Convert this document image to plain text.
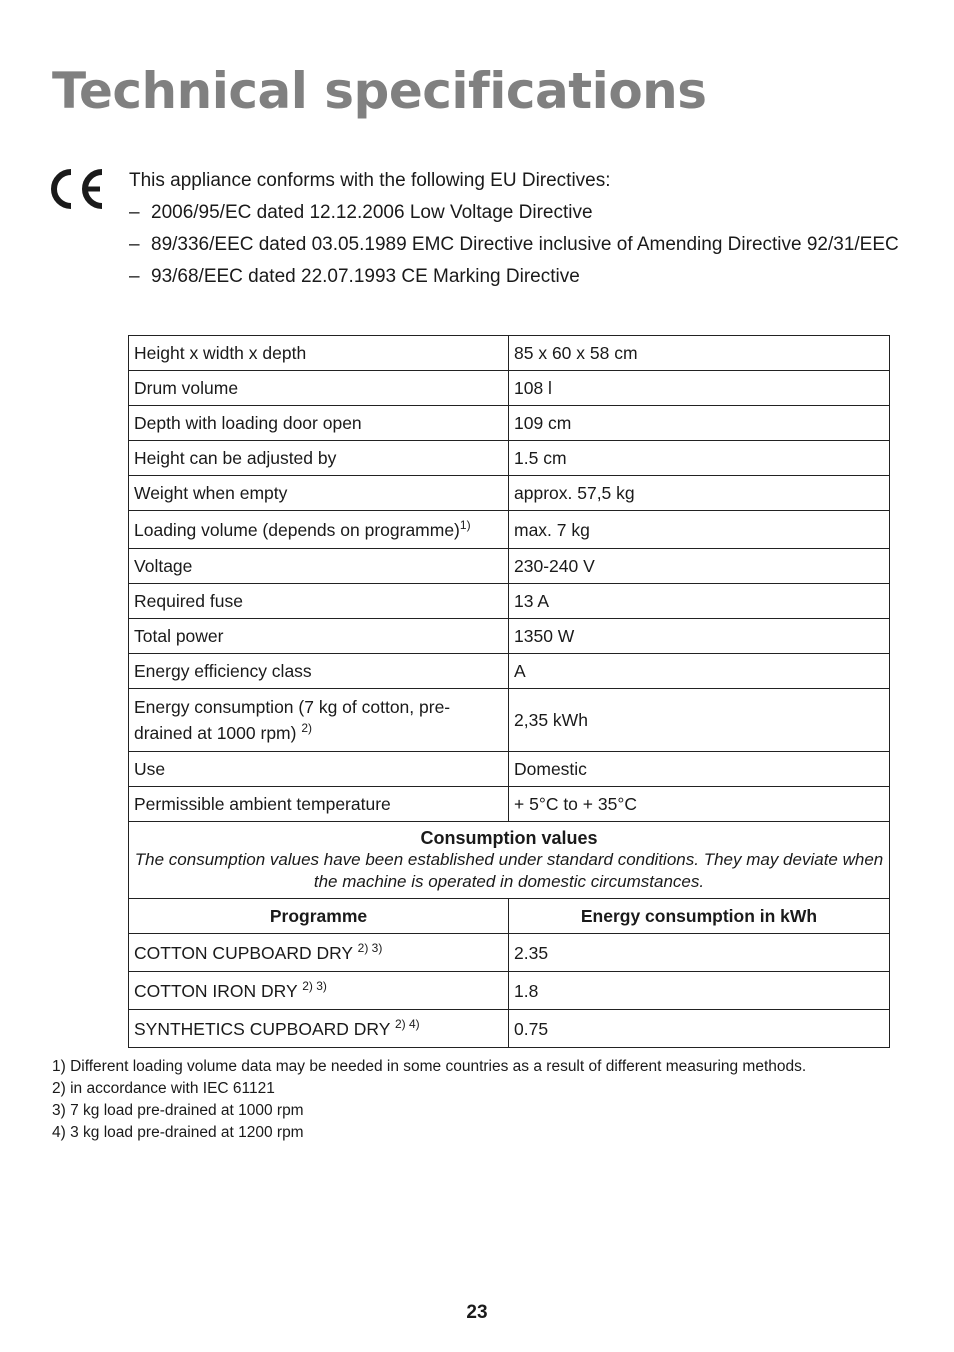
Technical specifications

This appliance conforms with the following EU Directives:

– 2006/95/EC dated 12.12.2006 Low Voltage Directive
– 89/336/EEC dated 03.05.1989 EMC Directive inclusive of Amending Directive 92/31/EEC
– 93/68/EEC dated 22.07.1993 CE Marking Directive
Height x width x depth	85 x 60 x 58 cm
Drum volume	108 l
Depth with loading door open	109 cm
Height can be adjusted by	1.5 cm
Weight when empty	approx. 57,5 kg
Loading volume (depends on programme)$^{1)}$	max. 7 kg
Voltage	230-240 V
Required fuse	13 A
Total power	1350 W
Energy efficiency class	A
Energy consumption (7 kg of cotton, pre-drained at 1000 rpm) $^{2)}$	2,35 kWh
Use	Domestic
Permissible ambient temperature	+ 5°C to + 35°C

Consumption values
The consumption values have been established under standard conditions. They may deviate when the machine is operated in domestic circumstances.	

Programme	Energy consumption in kWh
COTTON CUPBOARD DRY $^{2) 3)}$	2.35
COTTON IRON DRY $^{2) 3)}$	1.8
SYNTHETICS CUPBOARD DRY $^{2) 4)}$	0.75
1) Different loading volume data may be needed in some countries as a result of different measuring methods.
2) in accordance with IEC 61121
3) 7 kg load pre-drained at 1000 rpm
4) 3 kg load pre-drained at 1200 rpm
23
